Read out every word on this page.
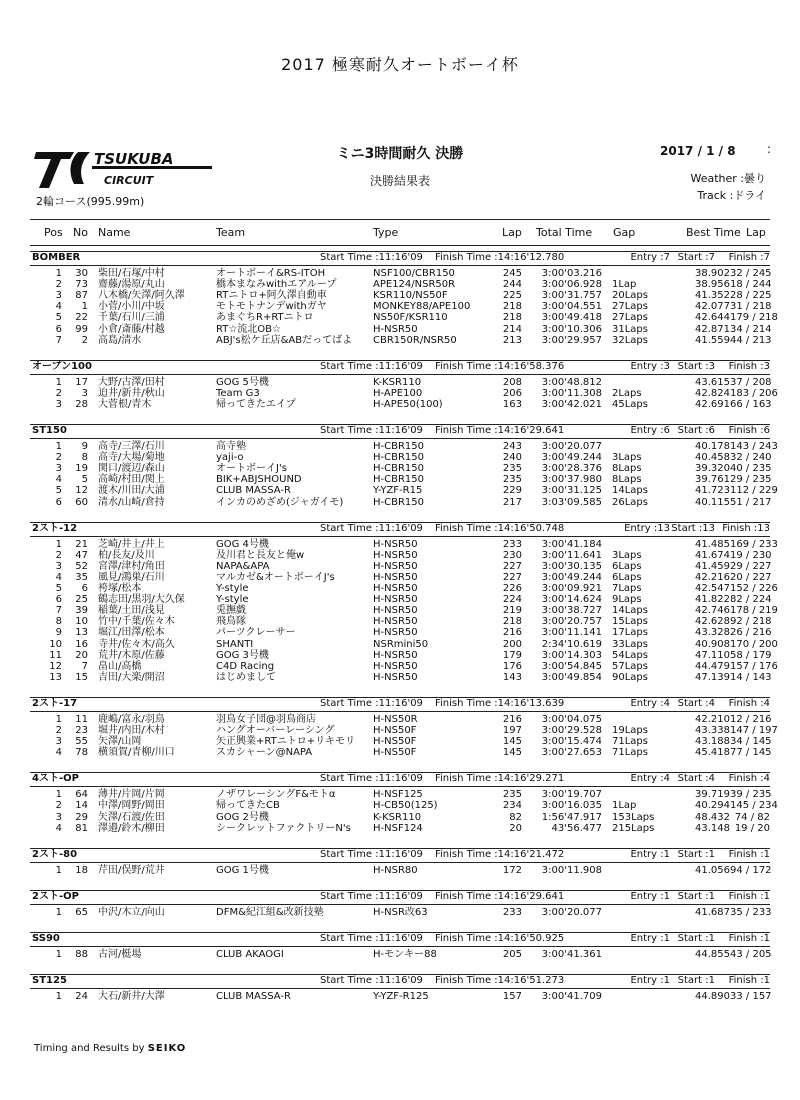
2017 極寒耐久オートボーイ杯
TSUKUBA
CIRCUIT
2輪コース(995.99m)
ミニ3時間耐久 決勝
決勝結果表
2017 / 1 / 8	:
Weather :曇り
Track :ドライ
Pos No Name	Team	Type	Lap Total Time Gap	Best Time Lap
BOMBER	Start Time :11:16'09	Finish Time :14:16'12.780	Entry :7 Start :7	Finish :7
1	30 柴田/石塚/中村	オートボーイ&RS-ITOH	NSF100/CBR150	245	3:00'03.216	38.902 32 / 245
2	73 齋藤/湯原/丸山	橋本まなみwithエアループ	APE124/NSR50R	244	3:00'06.928 1Lap	38.956 18 / 244
3	87 八木橋/矢澤/阿久澤	RTニトロ+阿久澤自動車	KSR110/NS50F	225	3:00'31.757 20Laps	41.352 28 / 225
4	1 小菅/小川/中坂	モトモトナンデwithガヤ	MONKEY88/APE100	218	3:00'04.551 27Laps	42.077 31 / 218
5	22 千葉/石川/三浦	あまぐちR+RTニトロ	NS50F/KSR110	218	3:00'49.418 27Laps	42.644 179 / 218
6	99 小倉/斎藤/村越	RT☆流北OB☆	H-NSR50	214	3:00'10.306 31Laps	42.871 34 / 214
7	2 高島/清水	ABJ's松ケ丘店&ABだってばよ	CBR150R/NSR50	213	3:00'29.957 32Laps	41.559 44 / 213
オープン100	Start Time :11:16'09	Finish Time :14:16'58.376	Entry :3 Start :3	Finish :3
1	17 大野/古澤/田村	GOG 5号機	K-KSR110	208	3:00'48.812	43.615 37 / 208
2	3 迫井/新井/秋山	Team G3	H-APE100	206	3:00'11.308 2Laps	42.824 183 / 206
3	28 大菅根/青木	帰ってきたエイプ	H-APE50(100)	163	3:00'42.021 45Laps	42.691 66 / 163
ST150	Start Time :11:16'09	Finish Time :14:16'29.641	Entry :6 Start :6	Finish :6
1	9 高寺/三澤/石川	高寺塾	H-CBR150	243	3:00'20.077	40.178 143 / 243
2	8 高寺/大場/菊地	yaji-o	H-CBR150	240	3:00'49.244 3Laps	40.458 32 / 240
3	19 関口/渡辺/森山	オートボーイJ's	H-CBR150	235	3:00'28.376 8Laps	39.320 40 / 235
4	5 高崎/村田/関上	BIK+ABJSHOUND	H-CBR150	235	3:00'37.980 8Laps	39.761 29 / 235
5	12 渡木/川田/大浦	CLUB MASSA-R	Y-YZF-R15	229	3:00'31.125 14Laps	41.723 112 / 229
6	60 清水/山崎/倉持	インカのめざめ(ジャガイモ)	H-CBR150	217	3:03'09.585 26Laps	40.115 51 / 217
2スト-12	Start Time :11:16'09	Finish Time :14:16'50.748	Entry :13 Start :13 Finish :13
1	21 芝崎/井上/井上	GOG 4号機	H-NSR50	233	3:00'41.184	41.485 169 / 233
2	47 柏/長友/及川	及川君と長友と俺w	H-NSR50	230	3:00'11.641 3Laps	41.674 19 / 230
3	52 宮澤/津村/角田	NAPA&APA	H-NSR50	227	3:00'30.135 6Laps	41.459 29 / 227
4	35 風見/鴻巣/石川	マルカゼ&オートボーイJ's	H-NSR50	227	3:00'49.244 6Laps	42.216 20 / 227
5	6 袴塚/松本	Y-style	H-NSR50	226	3:00'09.921 7Laps	42.547 152 / 226
6	25 鶴志田/黒羽/大久保	Y-style	H-NSR50	224	3:00'14.624 9Laps	41.822 82 / 224
7	39 稲葉/土田/浅見	兎撫戯	H-NSR50	219	3:00'38.727 14Laps	42.746 178 / 219
8	10 竹中/千葉/佐々木	飛鳥隊	H-NSR50	218	3:00'20.757 15Laps	42.628 92 / 218
9	13 堀江/田澤/松本	パーツクレーサー	H-NSR50	216	3:00'11.141 17Laps	43.328 26 / 216
10	16 寺井/佐々木/高久	SHANTI	NSRmini50	200	2:34'10.619 33Laps	40.908 170 / 200
11	20 荒井/木原/佐藤	GOG 3号機	H-NSR50	179	3:00'14.303 54Laps	47.110 58 / 179
12	7 畠山/高橋	C4D Racing	H-NSR50	176	3:00'54.845 57Laps	44.479 157 / 176
13	15 吉田/大楽/開沼	はじめまして	H-NSR50	143	3:00'49.854 90Laps	47.139 14 / 143
2スト-17	Start Time :11:16'09	Finish Time :14:16'13.639	Entry :4 Start :4	Finish :4
1	11 鹿嶋/富永/羽鳥	羽鳥女子団@羽鳥商店	H-NS50R	216	3:00'04.075	42.210 12 / 216
2	23 堀井/内田/木村	ハングオーバーレーシング	H-NS50F	197	3:00'29.528 19Laps	43.338 147 / 197
3	55 矢澤/山岡	矢正興業+RTニトロ+リキモリ	H-NS50F	145	3:00'15.474 71Laps	43.188 34 / 145
4	78 横須賀/青柳/川口	スカシャーン@NAPA	H-NS50F	145	3:00'27.653 71Laps	45.418 77 / 145
4スト-OP	Start Time :11:16'09	Finish Time :14:16'29.271	Entry :4 Start :4	Finish :4
1	64 薄井/片岡/片岡	ノザワレーシングF&モトα	H-NSF125	235	3:00'19.707	39.719 39 / 235
2	14 中澤/岡野/岡田	帰ってきたCB	H-CB50(125)	234	3:00'16.035 1Lap	40.294 145 / 234
3	29 矢澤/石渡/佐田	GOG 2号機	K-KSR110	82	1:56'47.917 153Laps	48.432 74 / 82
4	81 澤邉/鈴木/柳田	シークレットファクトリーN's	H-NSF124	20	43'56.477 215Laps	43.148 19 / 20
2スト-80	Start Time :11:16'09	Finish Time :14:16'21.472	Entry :1 Start :1	Finish :1
1	18 芹田/俣野/荒井	GOG 1号機	H-NSR80	172	3:00'11.908	41.056 94 / 172
2スト-OP	Start Time :11:16'09	Finish Time :14:16'29.641	Entry :1 Start :1	Finish :1
1	65 中沢/木立/向山	DFM&紀江組&改新技塾	H-NSR改63	233	3:00'20.077	41.687 35 / 233
SS90	Start Time :11:16'09	Finish Time :14:16'50.925	Entry :1 Start :1	Finish :1
1	88 古河/梃場	CLUB AKAOGI	H-モンキー88	205	3:00'41.361	44.855 43 / 205
ST125	Start Time :11:16'09	Finish Time :14:16'51.273	Entry :1 Start :1	Finish :1
1	24 大石/新井/大澤	CLUB MASSA-R	Y-YZF-R125	157	3:00'41.709	44.890 33 / 157
Timing and Results by SEIKO
